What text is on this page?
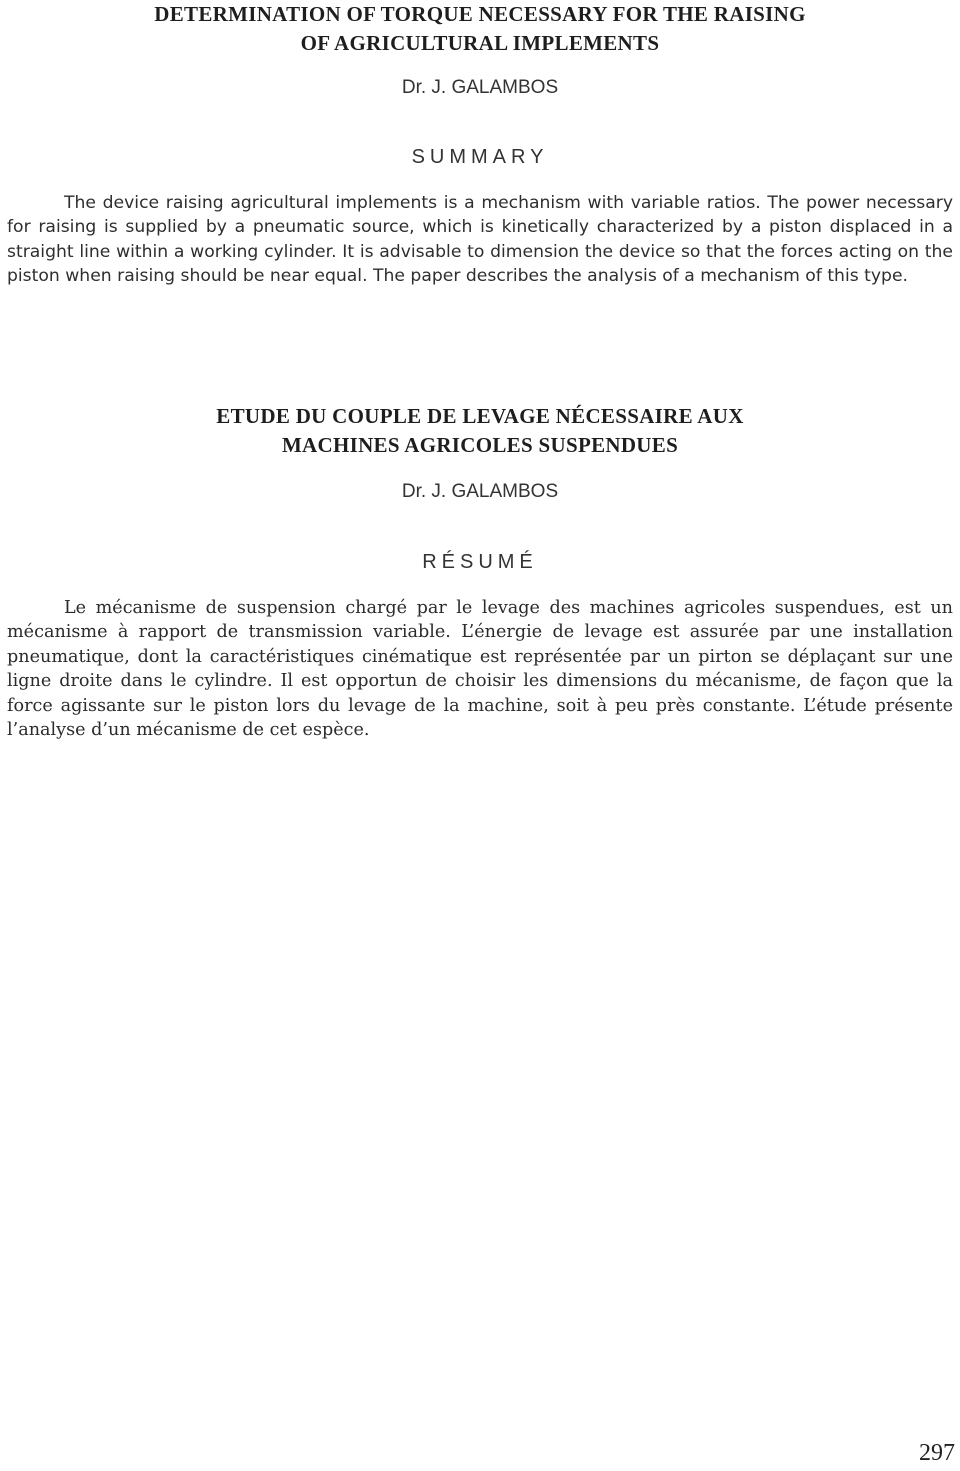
DETERMINATION OF TORQUE NECESSARY FOR THE RAISING
OF AGRICULTURAL IMPLEMENTS
Dr. J. GALAMBOS
SUMMARY
The device raising agricultural implements is a mechanism with variable ratios. The power necessary for raising is supplied by a pneumatic source, which is kinetically characterized by a piston displaced in a straight line within a working cylinder. It is advisable to dimension the device so that the forces acting on the piston when raising should be near equal. The paper describes the analysis of a mechanism of this type.
ETUDE DU COUPLE DE LEVAGE NÉCESSAIRE AUX
MACHINES AGRICOLES SUSPENDUES
Dr. J. GALAMBOS
RÉSUMÉ
Le mécanisme de suspension chargé par le levage des machines agricoles suspendues, est un mécanisme à rapport de transmission variable. L’énergie de levage est assurée par une installation pneumatique, dont la caractéristiques cinématique est représentée par un pirton se déplaçant sur une ligne droite dans le cylindre. Il est opportun de choisir les dimensions du mécanisme, de façon que la force agissante sur le piston lors du levage de la machine, soit à peu près constante. L’étude présente l’analyse d’un mécanisme de cet espèce.
297
